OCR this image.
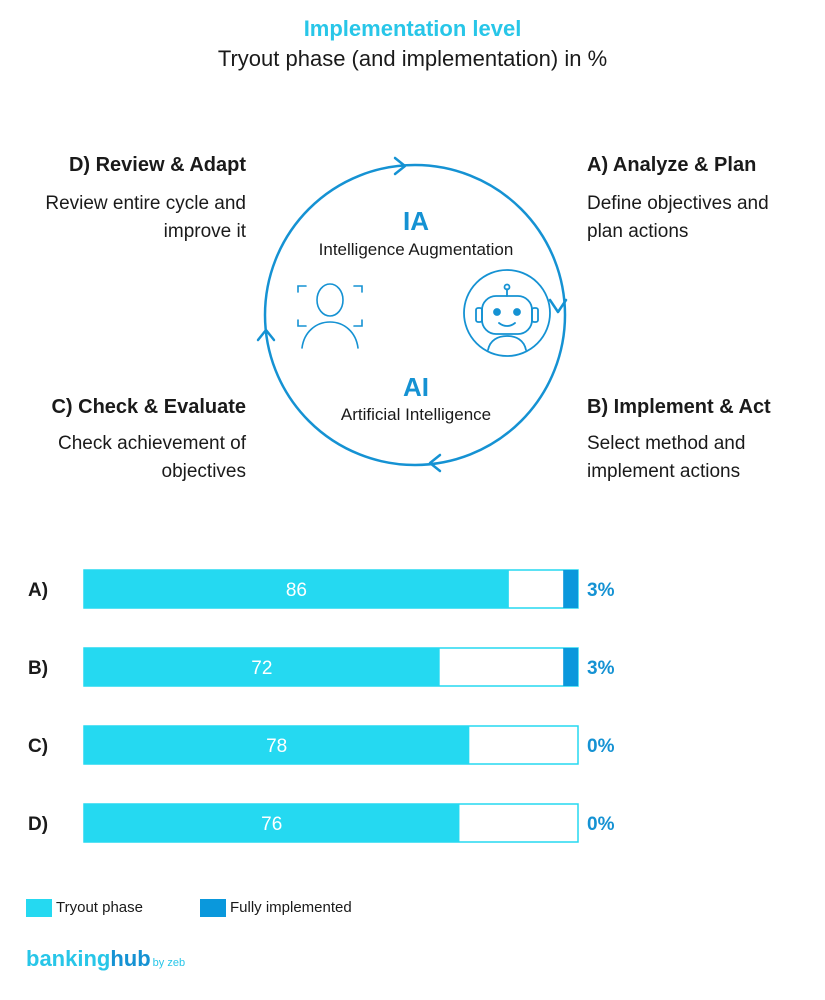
Implementation level
Tryout phase (and implementation) in %
D) Review & Adapt
Review entire cycle and improve it
A) Analyze & Plan
Define objectives and plan actions
C) Check & Evaluate
Check achievement of objectives
B) Implement & Act
Select method and implement actions
IA
Intelligence Augmentation
AI
Artificial Intelligence
A)	86	3%
B)	72	3%
C)	78	0%
D)	76	0%
Tryout phase	Fully implemented
bankinghub by zeb
